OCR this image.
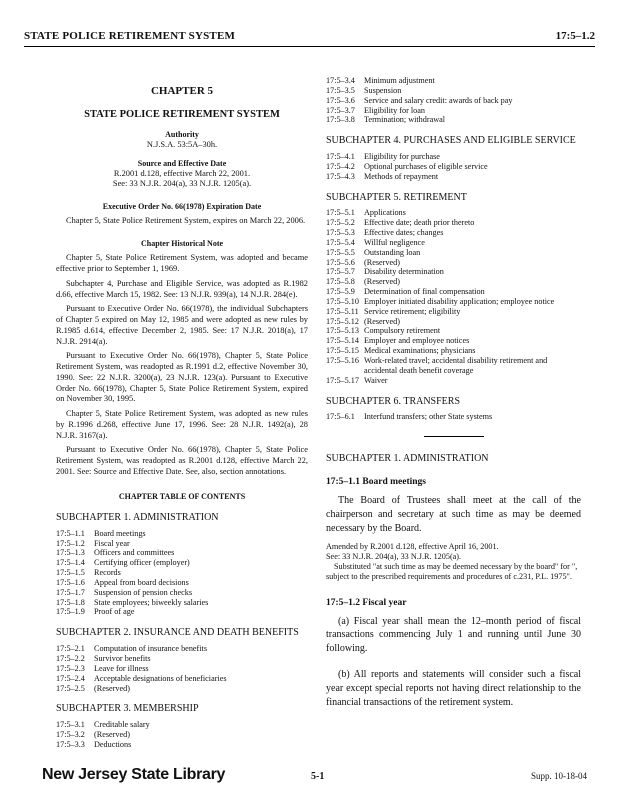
STATE POLICE RETIREMENT SYSTEM	17:5–1.2
CHAPTER 5
STATE POLICE RETIREMENT SYSTEM
Authority
N.J.S.A. 53:5A–30h.
Source and Effective Date
R.2001 d.128, effective March 22, 2001.
See: 33 N.J.R. 204(a), 33 N.J.R. 1205(a).
Executive Order No. 66(1978) Expiration Date

Chapter 5, State Police Retirement System, expires on March 22, 2006.

Chapter Historical Note

Chapter 5, State Police Retirement System, was adopted and became effective prior to September 1, 1969.

Subchapter 4, Purchase and Eligible Service, was adopted as R.1982 d.66, effective March 15, 1982. See: 13 N.J.R. 939(a), 14 N.J.R. 284(e).

Pursuant to Executive Order No. 66(1978), the individual Subchapters of Chapter 5 expired on May 12, 1985 and were adopted as new rules by R.1985 d.614, effective December 2, 1985. See: 17 N.J.R. 2018(a), 17 N.J.R. 2914(a).

Pursuant to Executive Order No. 66(1978), Chapter 5, State Police Retirement System, was readopted as R.1991 d.2, effective November 30, 1990. See: 22 N.J.R. 3200(a), 23 N.J.R. 123(a). Pursuant to Executive Order No. 66(1978), Chapter 5, State Police Retirement System, expired on November 30, 1995.

Chapter 5, State Police Retirement System, was adopted as new rules by R.1996 d.268, effective June 17, 1996. See: 28 N.J.R. 1492(a), 28 N.J.R. 3167(a).

Pursuant to Executive Order No. 66(1978), Chapter 5, State Police Retirement System, was readopted as R.2001 d.128, effective March 22, 2001. See: Source and Effective Date. See, also, section annotations.

CHAPTER TABLE OF CONTENTS
SUBCHAPTER 1. ADMINISTRATION
17:5–1.1	Board meetings
17:5–1.2	Fiscal year
17:5–1.3	Officers and committees
17:5–1.4	Certifying officer (employer)
17:5–1.5	Records
17:5–1.6	Appeal from board decisions
17:5–1.7	Suspension of pension checks
17:5–1.8	State employees; biweekly salaries
17:5–1.9	Proof of age
SUBCHAPTER 2. INSURANCE AND DEATH BENEFITS
17:5–2.1	Computation of insurance benefits
17:5–2.2	Survivor benefits
17:5–2.3	Leave for illness
17:5–2.4	Acceptable designations of beneficiaries
17:5–2.5	(Reserved)
SUBCHAPTER 3. MEMBERSHIP
17:5–3.1	Creditable salary
17:5–3.2	(Reserved)
17:5–3.3	Deductions
17:5–3.4	Minimum adjustment
17:5–3.5	Suspension
17:5–3.6	Service and salary credit: awards of back pay
17:5–3.7	Eligibility for loan
17:5–3.8	Termination; withdrawal
SUBCHAPTER 4. PURCHASES AND ELIGIBLE SERVICE
17:5–4.1	Eligibility for purchase
17:5–4.2	Optional purchases of eligible service
17:5–4.3	Methods of repayment
SUBCHAPTER 5. RETIREMENT
17:5–5.1	Applications
17:5–5.2	Effective date; death prior thereto
17:5–5.3	Effective dates; changes
17:5–5.4	Willful negligence
17:5–5.5	Outstanding loan
17:5–5.6	(Reserved)
17:5–5.7	Disability determination
17:5–5.8	(Reserved)
17:5–5.9	Determination of final compensation
17:5–5.10 Employer initiated disability application; employee notice
17:5–5.11 Service retirement; eligibility
17:5–5.12 (Reserved)
17:5–5.13 Compulsory retirement
17:5–5.14 Employer and employee notices
17:5–5.15 Medical examinations; physicians
17:5–5.16 Work-related travel; accidental disability retirement and accidental death benefit coverage
17:5–5.17 Waiver
SUBCHAPTER 6. TRANSFERS
17:5–6.1	Interfund transfers; other State systems
SUBCHAPTER 1. ADMINISTRATION
17:5–1.1 Board meetings

The Board of Trustees shall meet at the call of the chairperson and secretary at such time as may be deemed necessary by the Board.

Amended by R.2001 d.128, effective April 16, 2001.
See: 33 N.J.R. 204(a), 33 N.J.R. 1205(a).
Substituted "at such time as may be deemed necessary by the board" for ", subject to the prescribed requirements and procedures of c.231, P.L. 1975".
17:5–1.2 Fiscal year

(a) Fiscal year shall mean the 12–month period of fiscal transactions commencing July 1 and running until June 30 following.

(b) All reports and statements will consider such a fiscal year except special reports not having direct relationship to the financial transactions of the retirement system.

New Jersey State Library	5-1	Supp. 10-18-04
